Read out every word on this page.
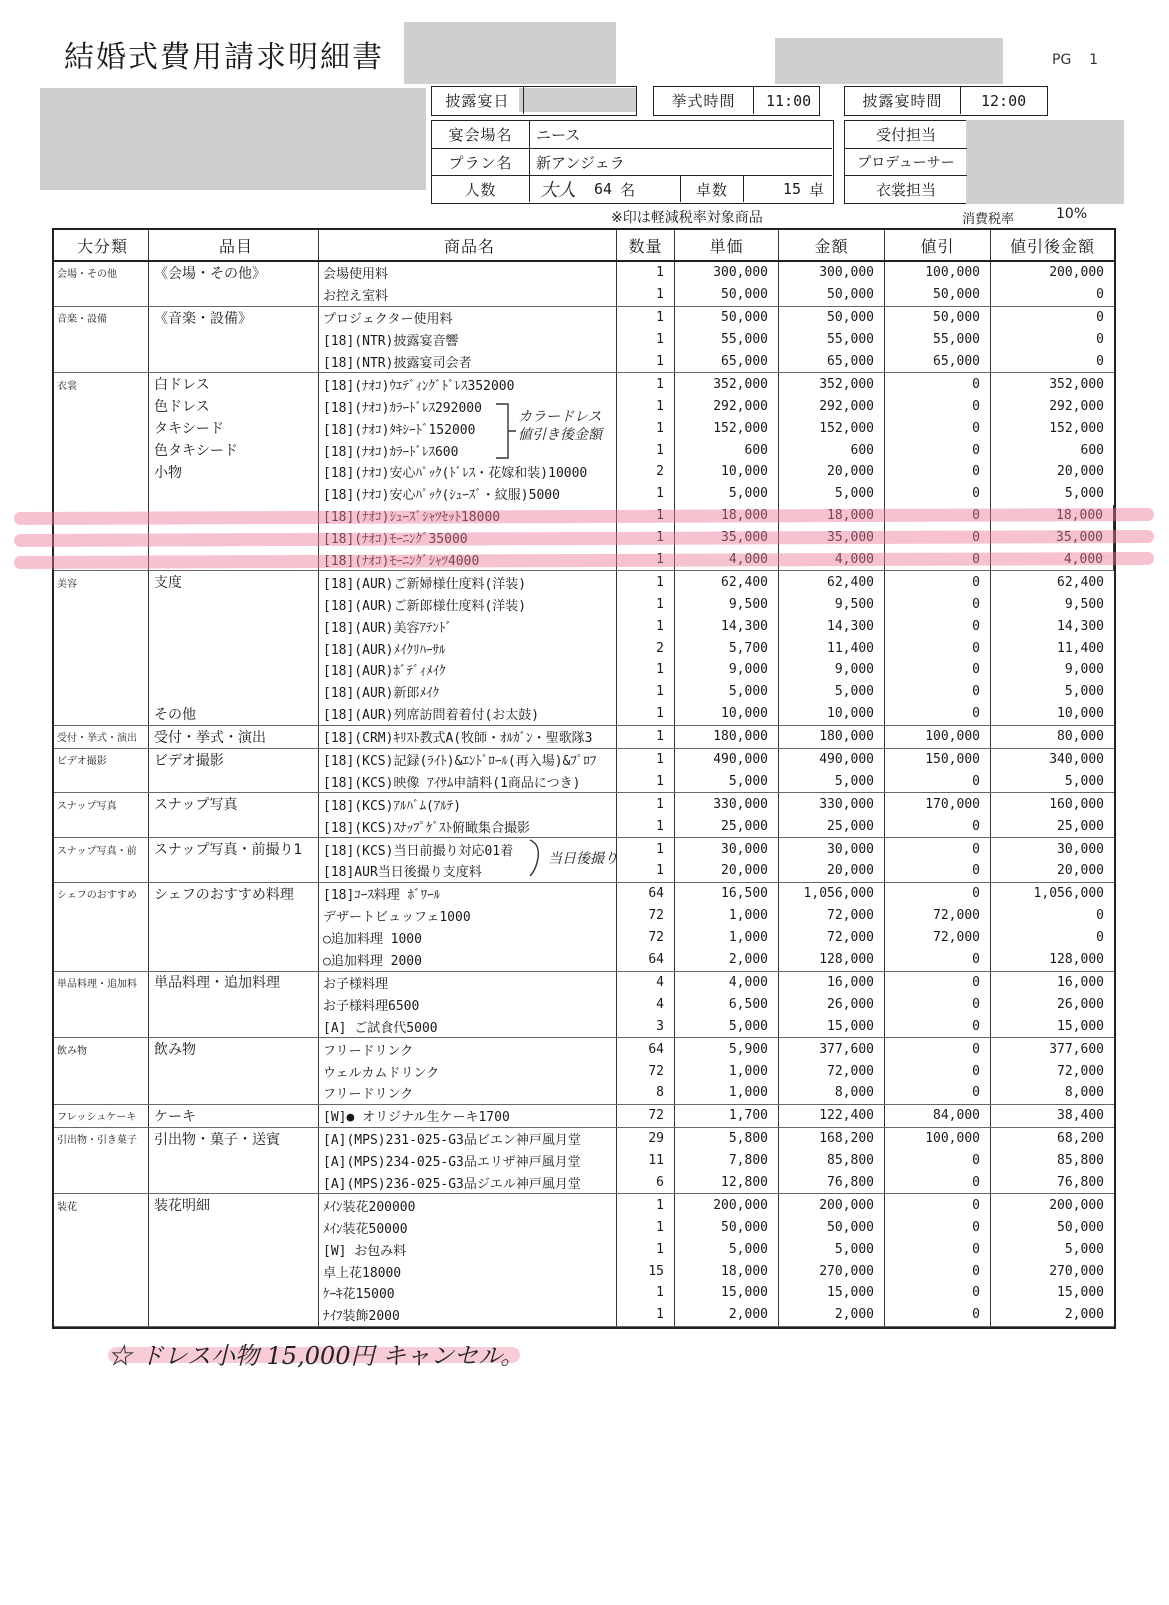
結婚式費用請求明細書	PG 1
披露宴日	挙式時間	11:00	披露宴時間	12:00
宴会場名	ニース
プラン名	新アンジェラ
人数	大人 64 名	卓数	15 卓
受付担当
プロデューサー
衣裳担当
※印は軽減税率対象商品	消費税率	10%
大分類	品目	商品名	数量	単価	金額	値引	値引後金額
会場・その他	《会場・その他》	会場使用料	1	300,000	300,000	100,000	200,000
お控え室料	1	50,000	50,000	50,000	0
音楽・設備	《音楽・設備》	プロジェクター使用料	1	50,000	50,000	50,000	0
[18](NTR)披露宴音響	1	55,000	55,000	55,000	0
[18](NTR)披露宴司会者	1	65,000	65,000	65,000	0
衣裳	白ドレス	[18](ﾅｵｺ)ｳｴﾃﾞｨﾝｸﾞﾄﾞﾚｽ352000	1	352,000	352,000	0	352,000
色ドレス	[18](ﾅｵｺ)ｶﾗｰﾄﾞﾚｽ292000	1	292,000	292,000	0	292,000
タキシード	[18](ﾅｵｺ)ﾀｷｼｰﾄﾞ152000	1	152,000	152,000	0	152,000
色タキシード	[18](ﾅｵｺ)ｶﾗｰﾄﾞﾚｽ600	1	600	600	0	600
小物	[18](ﾅｵｺ)安心ﾊﾟｯｸ(ﾄﾞﾚｽ・花嫁和装)10000	2	10,000	20,000	0	20,000
[18](ﾅｵｺ)安心ﾊﾟｯｸ(ｼｭｰｽﾞ・紋服)5000	1	5,000	5,000	0	5,000
[18](ﾅｵｺ)ｼｭｰｽﾞｼｬﾂｾｯﾄ18000	1	18,000	18,000	0	18,000
[18](ﾅｵｺ)ﾓｰﾆﾝｸﾞ35000	1	35,000	35,000	0	35,000
[18](ﾅｵｺ)ﾓｰﾆﾝｸﾞｼｬﾂ4000	1	4,000	4,000	0	4,000
美容	支度	[18](AUR)ご新婦様仕度料(洋装)	1	62,400	62,400	0	62,400
[18](AUR)ご新郎様仕度料(洋装)	1	9,500	9,500	0	9,500
[18](AUR)美容ｱﾃﾝﾄﾞ	1	14,300	14,300	0	14,300
[18](AUR)ﾒｲｸﾘﾊｰｻﾙ	2	5,700	11,400	0	11,400
[18](AUR)ﾎﾞﾃﾞｨﾒｲｸ	1	9,000	9,000	0	9,000
[18](AUR)新郎ﾒｲｸ	1	5,000	5,000	0	5,000
その他	[18](AUR)列席訪問着着付(お太鼓)	1	10,000	10,000	0	10,000
受付・挙式・演出	受付・挙式・演出	[18](CRM)ｷﾘｽﾄ教式A(牧師・ｵﾙｶﾞﾝ・聖歌隊3	1	180,000	180,000	100,000	80,000
ビデオ撮影	ビデオ撮影	[18](KCS)記録(ﾗｲﾄ)&ｴﾝﾄﾞﾛｰﾙ(再入場)&ﾌﾟﾛﾌ	1	490,000	490,000	150,000	340,000
[18](KCS)映像 ｱｲｻﾑ申請料(1商品につき)	1	5,000	5,000	0	5,000
スナップ写真	スナップ写真	[18](KCS)ｱﾙﾊﾞﾑ(ｱﾙﾃ)	1	330,000	330,000	170,000	160,000
[18](KCS)ｽﾅｯﾌﾟｹﾞｽﾄ俯瞰集合撮影	1	25,000	25,000	0	25,000
スナップ写真・前	スナップ写真・前撮り1	[18](KCS)当日前撮り対応01着	1	30,000	30,000	0	30,000
[18]AUR当日後撮り支度料	1	20,000	20,000	0	20,000
シェフのおすすめ	シェフのおすすめ料理	[18]ｺｰｽ料理 ﾎﾞﾜｰﾙ	64	16,500	1,056,000	0	1,056,000
デザートビュッフェ1000	72	1,000	72,000	72,000	0
○追加料理 1000	72	1,000	72,000	72,000	0
○追加料理 2000	64	2,000	128,000	0	128,000
単品料理・追加料	単品料理・追加料理	お子様料理	4	4,000	16,000	0	16,000
お子様料理6500	4	6,500	26,000	0	26,000
[A] ご試食代5000	3	5,000	15,000	0	15,000
飲み物	飲み物	フリードリンク	64	5,900	377,600	0	377,600
ウェルカムドリンク	72	1,000	72,000	0	72,000
フリードリンク	8	1,000	8,000	0	8,000
フレッシュケーキ	ケーキ	[W]● オリジナル生ケーキ1700	72	1,700	122,400	84,000	38,400
引出物・引き菓子	引出物・菓子・送賓	[A](MPS)231-025-G3品ビエン神戸風月堂	29	5,800	168,200	100,000	68,200
[A](MPS)234-025-G3品エリザ神戸風月堂	11	7,800	85,800	0	85,800
[A](MPS)236-025-G3品ジエル神戸風月堂	6	12,800	76,800	0	76,800
装花	装花明細	ﾒｲﾝ装花200000	1	200,000	200,000	0	200,000
ﾒｲﾝ装花50000	1	50,000	50,000	0	50,000
[W] お包み料	1	5,000	5,000	0	5,000
卓上花18000	15	18,000	270,000	0	270,000
ｹｰｷ花15000	1	15,000	15,000	0	15,000
ﾅｲﾌ装飾2000	1	2,000	2,000	0	2,000
カラードレス
値引き後金額
当日後撮り
☆ ドレス小物 15,000円 キャンセル。
